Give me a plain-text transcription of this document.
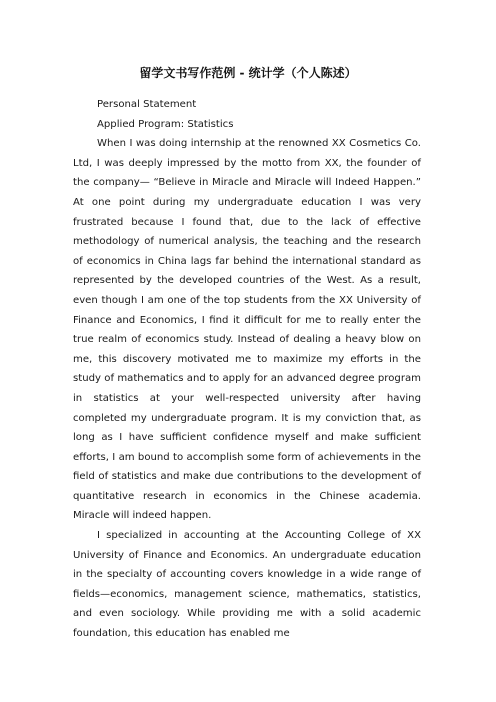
留学文书写作范例 - 统计学（个人陈述）

Personal Statement

Applied Program: Statistics

When I was doing internship at the renowned XX Cosmetics Co. Ltd, I was deeply impressed by the motto from XX, the founder of the company— “Believe in Miracle and Miracle will Indeed Happen.” At one point during my undergraduate education I was very frustrated because I found that, due to the lack of effective methodology of numerical analysis, the teaching and the research of economics in China lags far behind the international standard as represented by the developed countries of the West. As a result, even though I am one of the top students from the XX University of Finance and Economics, I find it difficult for me to really enter the true realm of economics study. Instead of dealing a heavy blow on me, this discovery motivated me to maximize my efforts in the study of mathematics and to apply for an advanced degree program in statistics at your well-respected university after having completed my undergraduate program. It is my conviction that, as long as I have sufficient confidence myself and make sufficient efforts, I am bound to accomplish some form of achievements in the field of statistics and make due contributions to the development of quantitative research in economics in the Chinese academia. Miracle will indeed happen.

I specialized in accounting at the Accounting College of XX University of Finance and Economics. An undergraduate education in the specialty of accounting covers knowledge in a wide range of fields—economics, management science, mathematics, statistics, and even sociology. While providing me with a solid academic foundation, this education has enabled me
